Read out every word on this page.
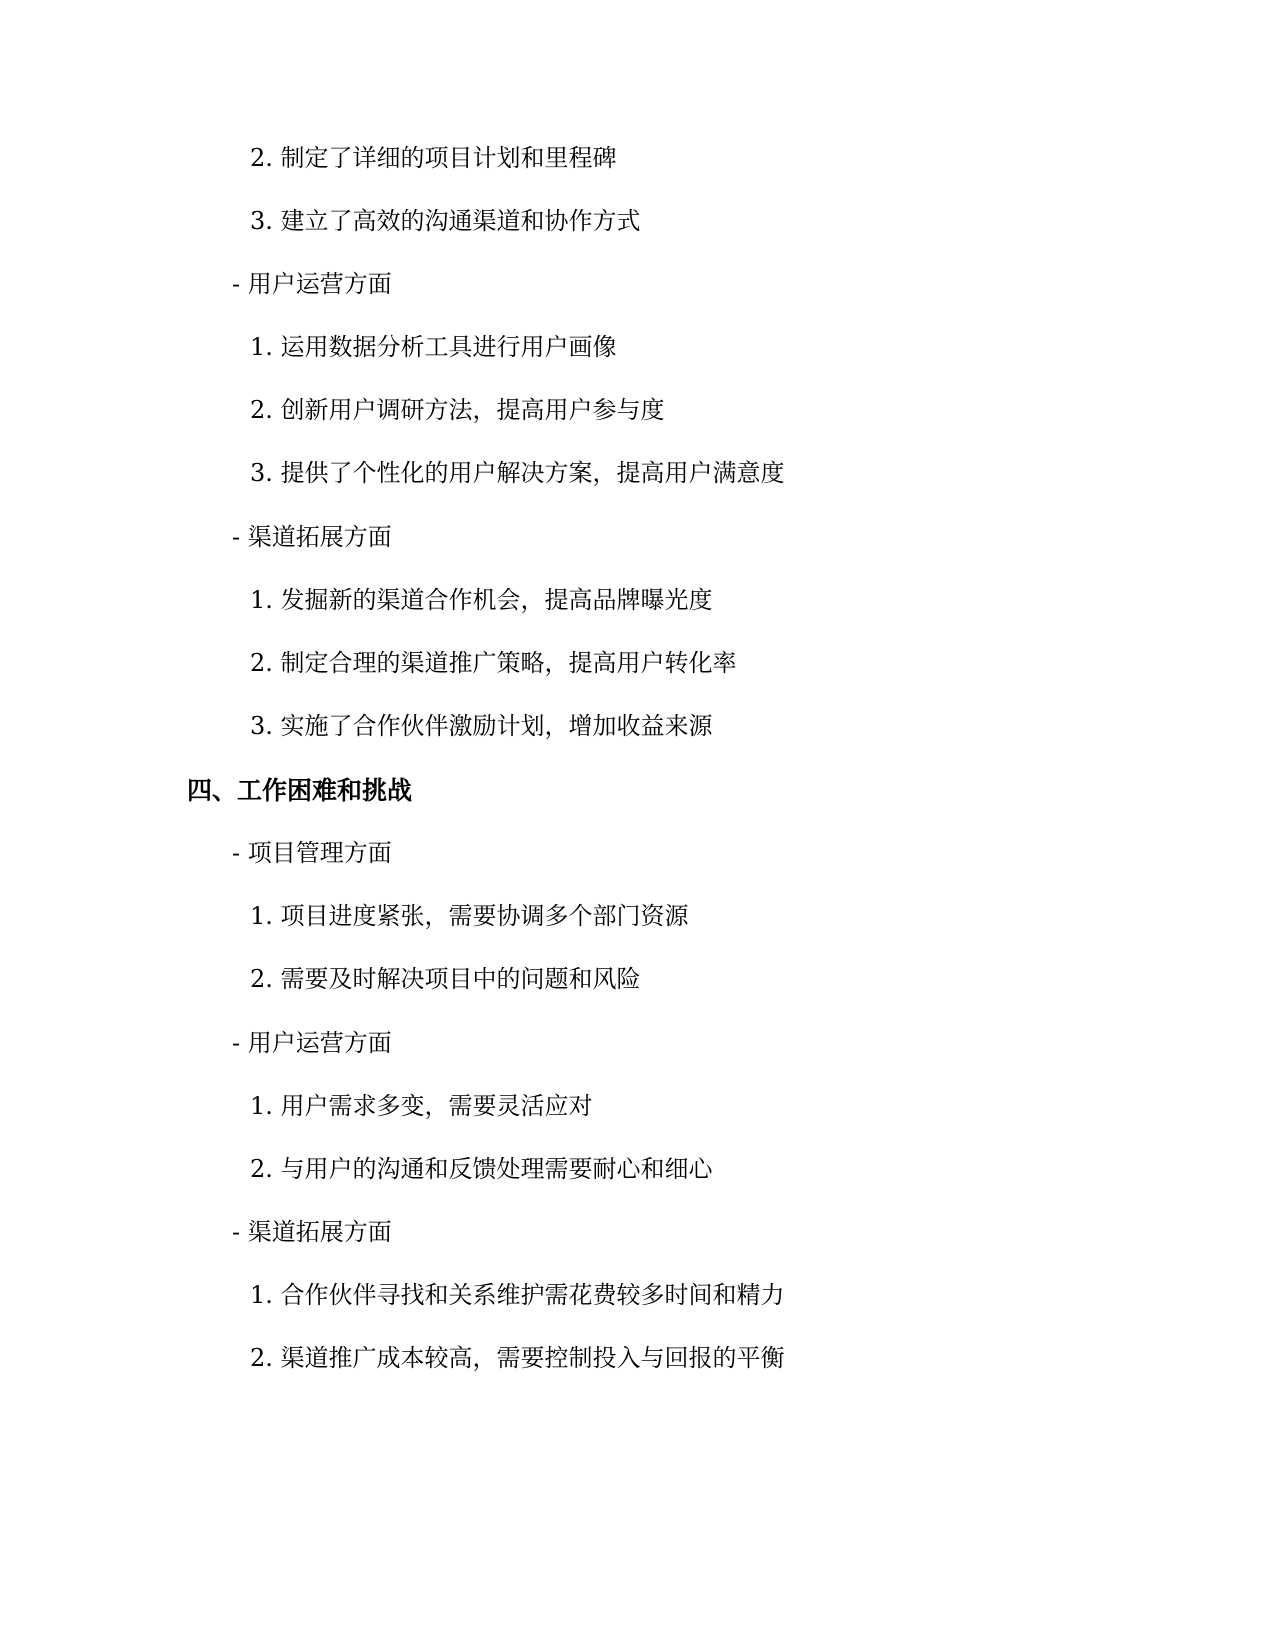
2. 制定了详细的项目计划和里程碑
3. 建立了高效的沟通渠道和协作方式
- 用户运营方面
1. 运用数据分析工具进行用户画像
2. 创新用户调研方法，提高用户参与度
3. 提供了个性化的用户解决方案，提高用户满意度
- 渠道拓展方面
1. 发掘新的渠道合作机会，提高品牌曝光度
2. 制定合理的渠道推广策略，提高用户转化率
3. 实施了合作伙伴激励计划，增加收益来源
四、工作困难和挑战
- 项目管理方面
1. 项目进度紧张，需要协调多个部门资源
2. 需要及时解决项目中的问题和风险
- 用户运营方面
1. 用户需求多变，需要灵活应对
2. 与用户的沟通和反馈处理需要耐心和细心
- 渠道拓展方面
1. 合作伙伴寻找和关系维护需花费较多时间和精力
2. 渠道推广成本较高，需要控制投入与回报的平衡
